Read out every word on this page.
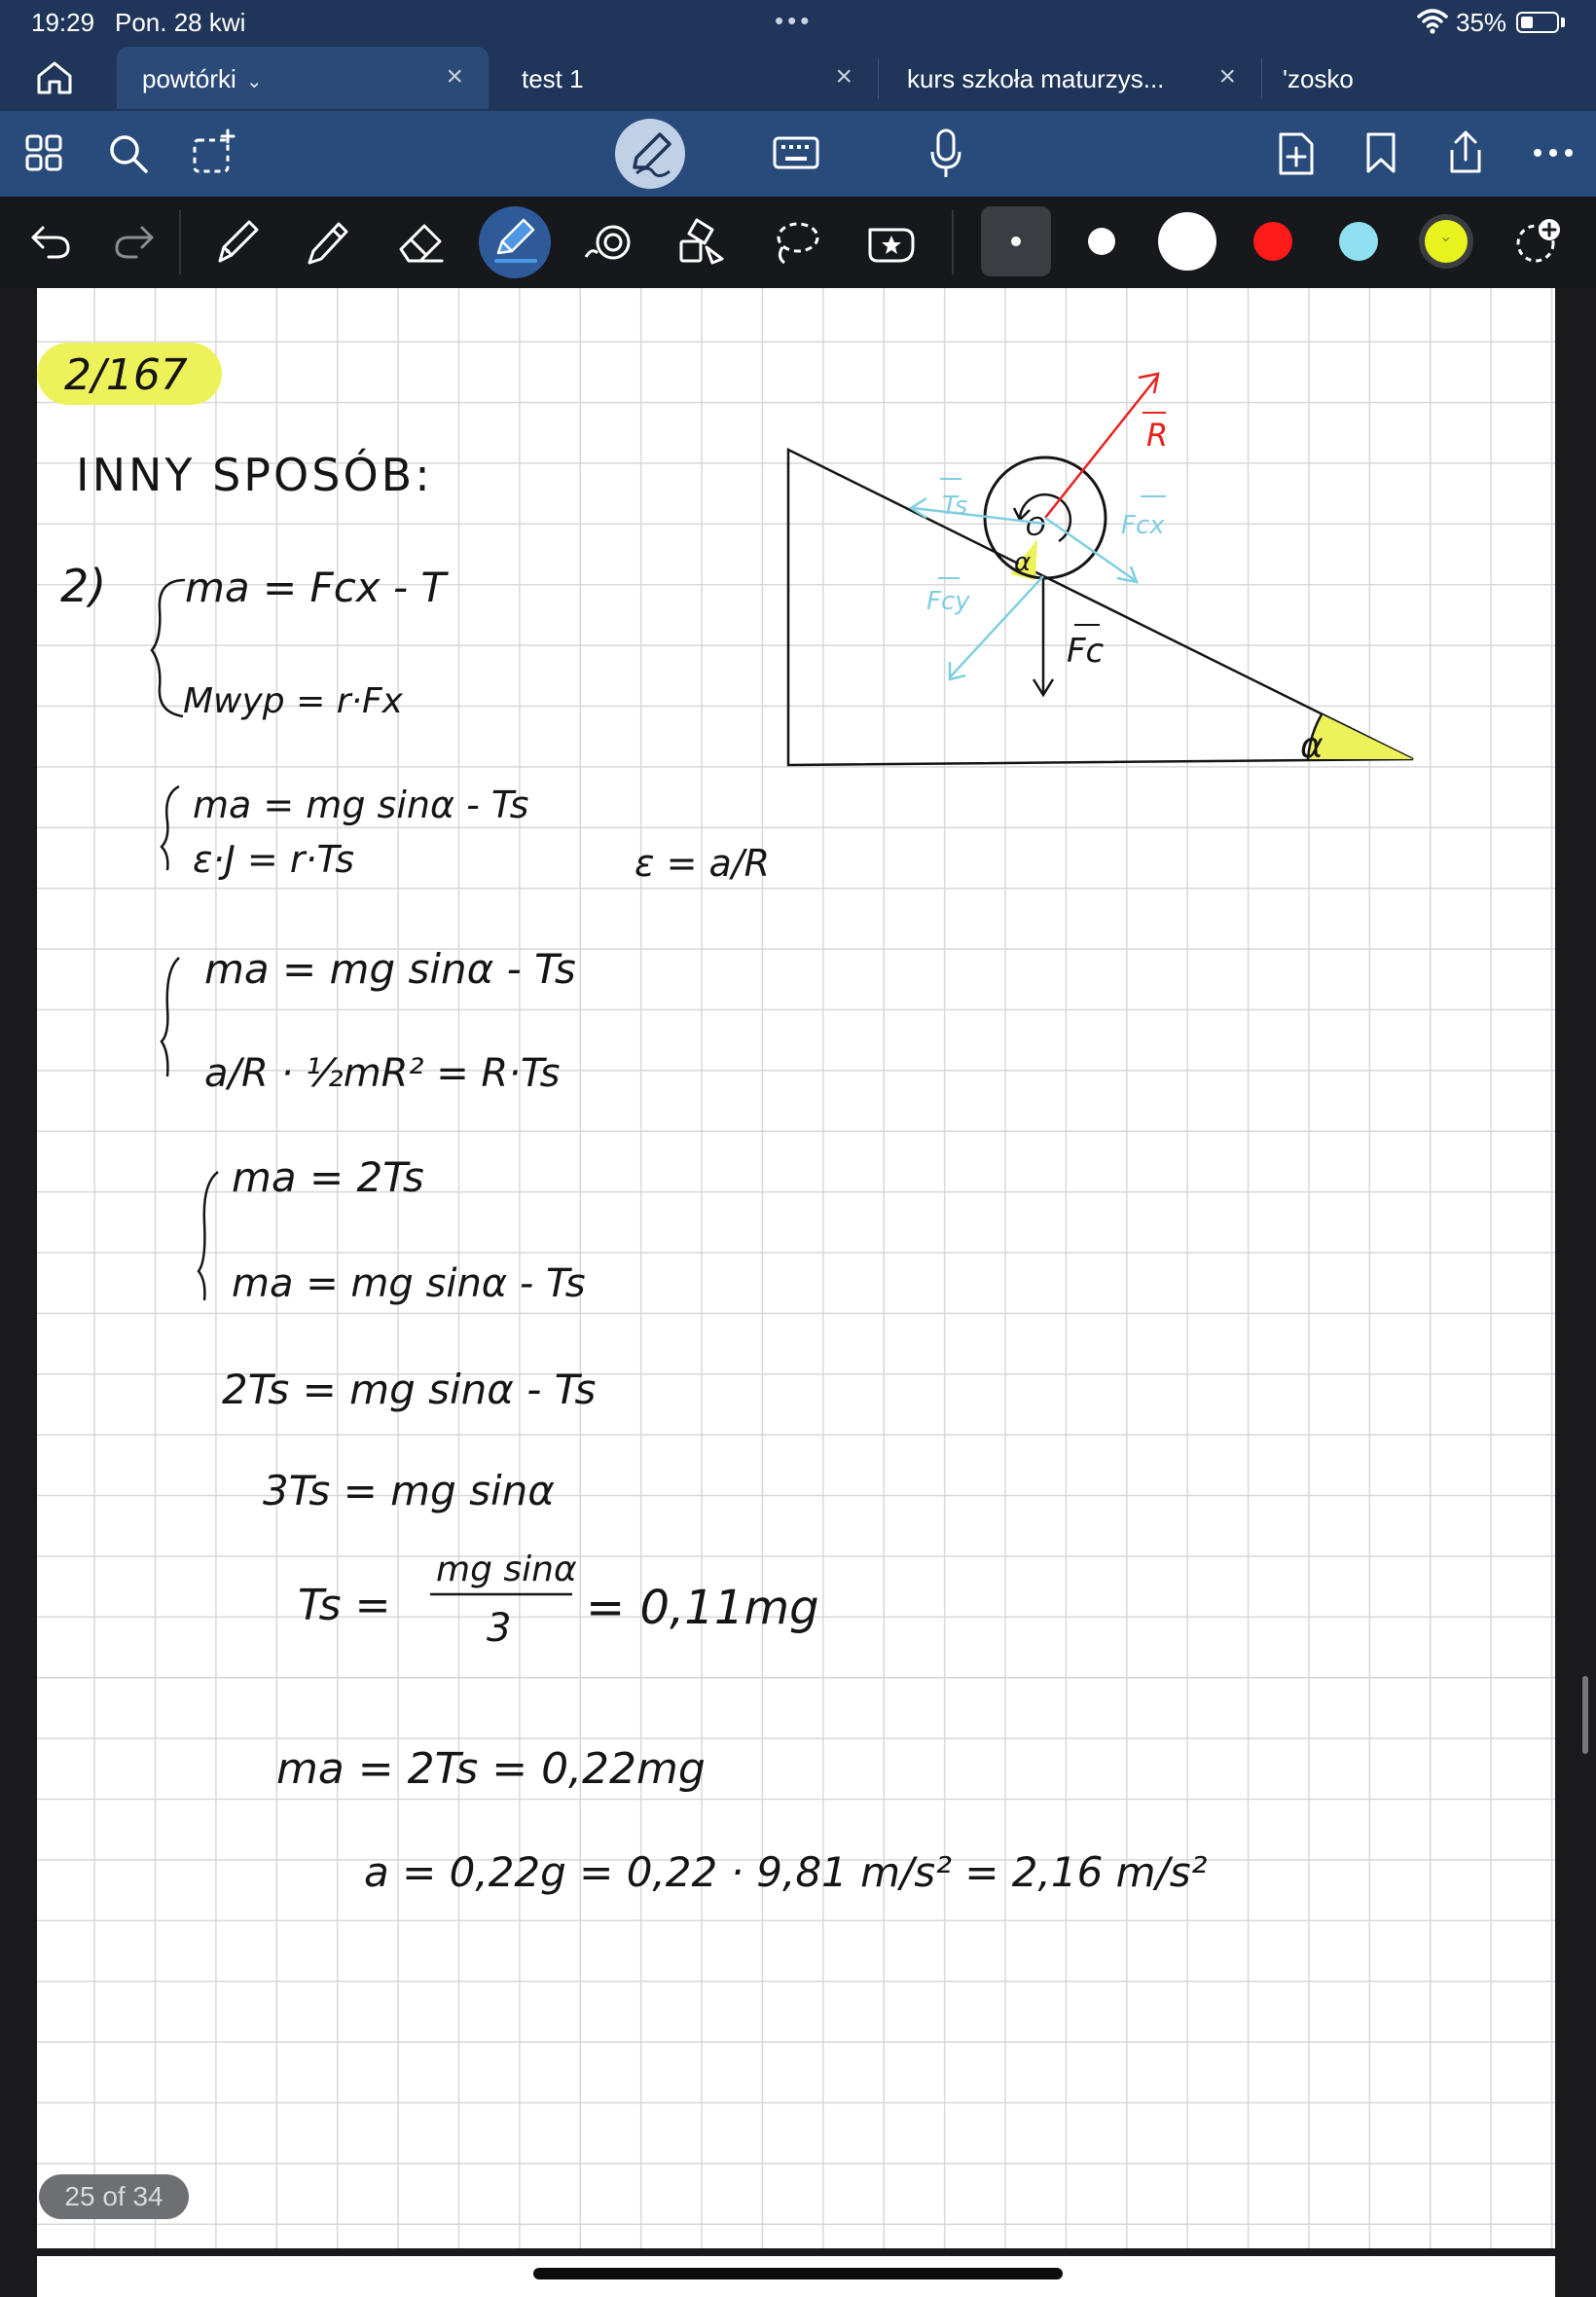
19:29 Pon. 28 kwi	•••	35%
powtórki ⌄	× test 1	× kurs szkoła maturzys... × 'zosko
⌄
2/167
INNY SPOSÓB:
2) ma = Fcx - T
Mwyp = r·Fx
ma = mg sinα - Ts
ε·J = r·Ts	ε = a/R
ma = mg sinα - Ts
a/R · ½mR² = R·Ts
ma = 2Ts
ma = mg sinα - Ts
2Ts = mg sinα - Ts
3Ts = mg sinα
Ts =
mg sinα
3 = 0,11mg
ma = 2Ts = 0,22mg
a = 0,22g = 0,22 · 9,81 m/s² = 2,16 m/s²
α
α
O
Fc
R
Ts
Fcx
Fcy
25 of 34
